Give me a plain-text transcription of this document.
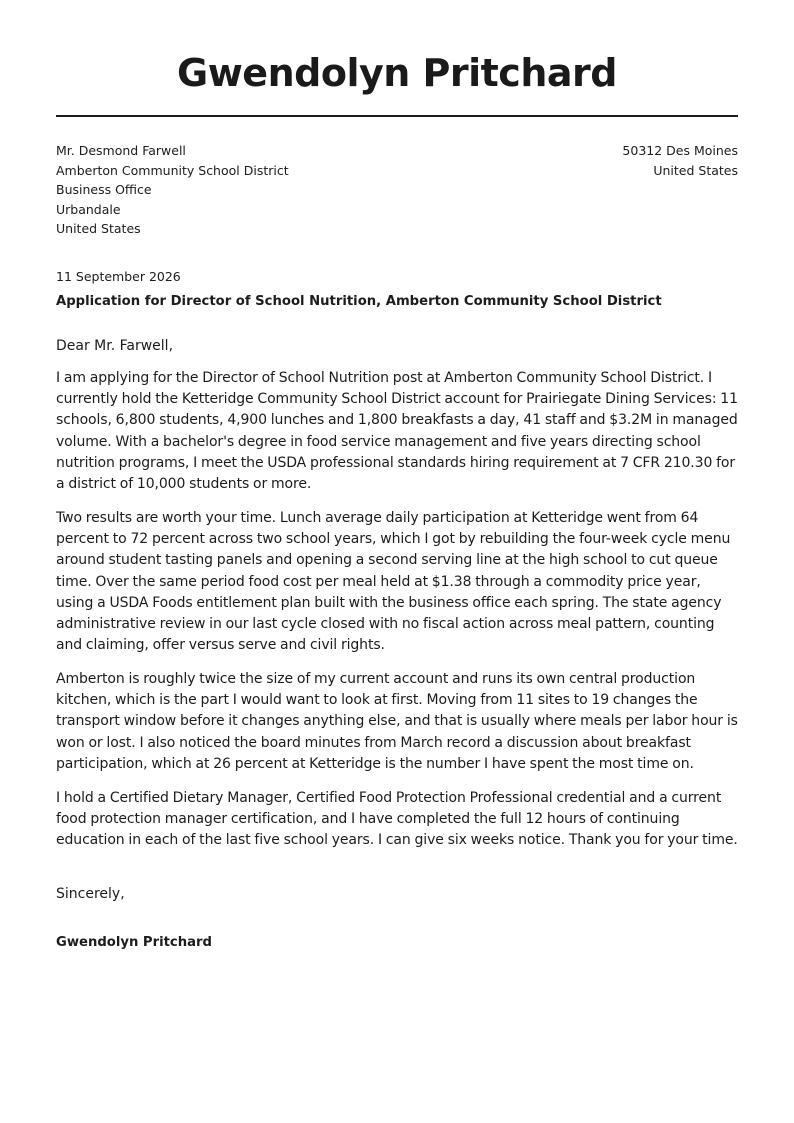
Gwendolyn Pritchard
Mr. Desmond Farwell
Amberton Community School District
Business Office
Urbandale
United States
50312 Des Moines
United States
11 September 2026
Application for Director of School Nutrition, Amberton Community School District
Dear Mr. Farwell,

I am applying for the Director of School Nutrition post at Amberton Community School District. I currently hold the Ketteridge Community School District account for Prairiegate Dining Services: 11 schools, 6,800 students, 4,900 lunches and 1,800 breakfasts a day, 41 staff and $3.2M in managed volume. With a bachelor's degree in food service management and five years directing school nutrition programs, I meet the USDA professional standards hiring requirement at 7 CFR 210.30 for a district of 10,000 students or more.

Two results are worth your time. Lunch average daily participation at Ketteridge went from 64 percent to 72 percent across two school years, which I got by rebuilding the four-week cycle menu around student tasting panels and opening a second serving line at the high school to cut queue time. Over the same period food cost per meal held at $1.38 through a commodity price year, using a USDA Foods entitlement plan built with the business office each spring. The state agency administrative review in our last cycle closed with no fiscal action across meal pattern, counting and claiming, offer versus serve and civil rights.

Amberton is roughly twice the size of my current account and runs its own central production kitchen, which is the part I would want to look at first. Moving from 11 sites to 19 changes the transport window before it changes anything else, and that is usually where meals per labor hour is won or lost. I also noticed the board minutes from March record a discussion about breakfast participation, which at 26 percent at Ketteridge is the number I have spent the most time on.

I hold a Certified Dietary Manager, Certified Food Protection Professional credential and a current food protection manager certification, and I have completed the full 12 hours of continuing education in each of the last five school years. I can give six weeks notice. Thank you for your time.

Sincerely,
Gwendolyn Pritchard
